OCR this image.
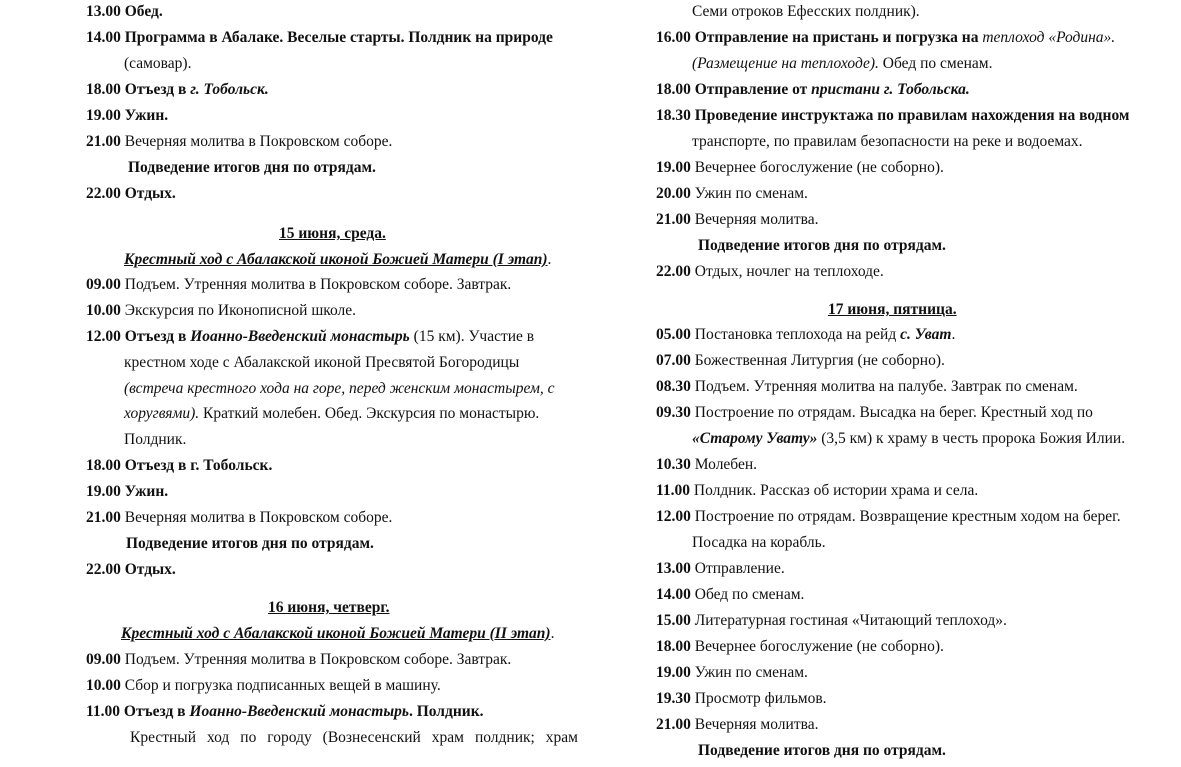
13.00 Обед.
14.00 Программа в Абалаке. Веселые старты. Полдник на природе
(самовар).
18.00 Отъезд в г. Тобольск.
19.00 Ужин.
21.00 Вечерняя молитва в Покровском соборе.
Подведение итогов дня по отрядам.
22.00 Отдых.
15 июня, среда.
Крестный ход с Абалакской иконой Божией Матери (I этап).
09.00 Подъем. Утренняя молитва в Покровском соборе. Завтрак.
10.00 Экскурсия по Иконописной школе.
12.00 Отъезд в Иоанно-Введенский монастырь (15 км). Участие в
крестном ходе с Абалакской иконой Пресвятой Богородицы
(встреча крестного хода на горе, перед женским монастырем, с
хоругвями). Краткий молебен. Обед. Экскурсия по монастырю.
Полдник.
18.00 Отъезд в г. Тобольск.
19.00 Ужин.
21.00 Вечерняя молитва в Покровском соборе.
Подведение итогов дня по отрядам.
22.00 Отдых.
16 июня, четверг.
Крестный ход с Абалакской иконой Божией Матери (II этап).
09.00 Подъем. Утренняя молитва в Покровском соборе. Завтрак.
10.00 Сбор и погрузка подписанных вещей в машину.
11.00 Отъезд в Иоанно-Введенский монастырь. Полдник.
Крестный ход по городу (Вознесенский храм полдник; храм
Семи отроков Ефесских полдник).
16.00 Отправление на пристань и погрузка на теплоход «Родина».
(Размещение на теплоходе). Обед по сменам.
18.00 Отправление от пристани г. Тобольска.
18.30 Проведение инструктажа по правилам нахождения на водном
транспорте, по правилам безопасности на реке и водоемах.
19.00 Вечернее богослужение (не соборно).
20.00 Ужин по сменам.
21.00 Вечерняя молитва.
Подведение итогов дня по отрядам.
22.00 Отдых, ночлег на теплоходе.
17 июня, пятница.
05.00 Постановка теплохода на рейд с. Уват.
07.00 Божественная Литургия (не соборно).
08.30 Подъем. Утренняя молитва на палубе. Завтрак по сменам.
09.30 Построение по отрядам. Высадка на берег. Крестный ход по
«Старому Увату» (3,5 км) к храму в честь пророка Божия Илии.
10.30 Молебен.
11.00 Полдник. Рассказ об истории храма и села.
12.00 Построение по отрядам. Возвращение крестным ходом на берег.
Посадка на корабль.
13.00 Отправление.
14.00 Обед по сменам.
15.00 Литературная гостиная «Читающий теплоход».
18.00 Вечернее богослужение (не соборно).
19.00 Ужин по сменам.
19.30 Просмотр фильмов.
21.00 Вечерняя молитва.
Подведение итогов дня по отрядам.
